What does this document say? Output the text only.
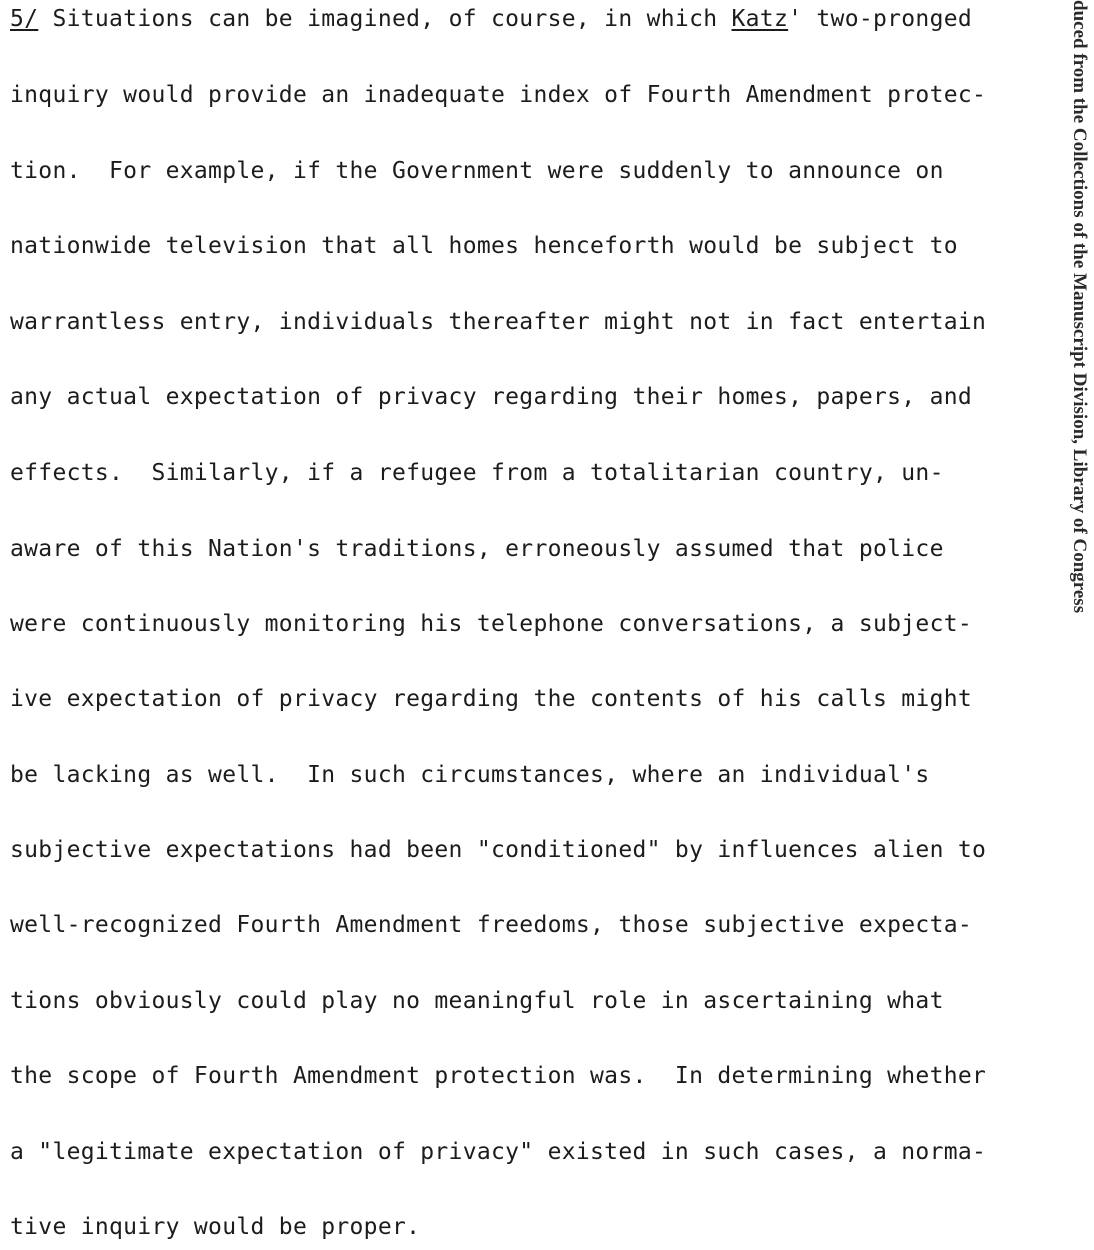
5/ Situations can be imagined, of course, in which Katz' two-pronged
inquiry would provide an inadequate index of Fourth Amendment protec-
tion.  For example, if the Government were suddenly to announce on
nationwide television that all homes henceforth would be subject to
warrantless entry, individuals thereafter might not in fact entertain
any actual expectation of privacy regarding their homes, papers, and
effects.  Similarly, if a refugee from a totalitarian country, un-
aware of this Nation's traditions, erroneously assumed that police
were continuously monitoring his telephone conversations, a subject-
ive expectation of privacy regarding the contents of his calls might
be lacking as well.  In such circumstances, where an individual's
subjective expectations had been "conditioned" by influences alien to
well-recognized Fourth Amendment freedoms, those subjective expecta-
tions obviously could play no meaningful role in ascertaining what
the scope of Fourth Amendment protection was.  In determining whether
a "legitimate expectation of privacy" existed in such cases, a norma-
tive inquiry would be proper.
duced from the Collections of the Manuscript Division, Library of Congress
